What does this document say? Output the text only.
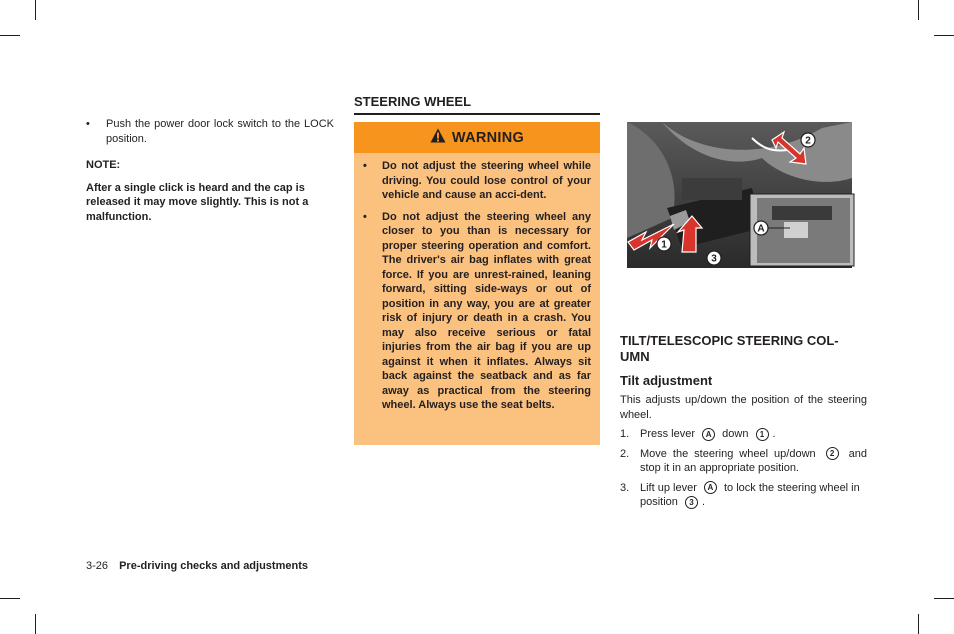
• Push the power door lock switch to the LOCK position.

NOTE:
After a single click is heard and the cap is released it may move slightly. This is not a malfunction.
STEERING WHEEL
WARNING
• Do not adjust the steering wheel while driving. You could lose control of your vehicle and cause an acci-dent.
• Do not adjust the steering wheel any closer to you than is necessary for proper steering operation and comfort. The driver's air bag inflates with great force. If you are unrest-rained, leaning forward, sitting side-ways or out of position in any way, you are at greater risk of injury or death in a crash. You may also receive serious or fatal injuries from the air bag if you are up against it when it inflates. Always sit back against the seatback and as far away as practical from the steering wheel. Always use the seat belts.
2
1
3
A
TILT/TELESCOPIC STEERING COL-UMN
Tilt adjustment
This adjusts up/down the position of the steering wheel.
1. Press lever A down 1 .
2. Move the steering wheel up/down 2 and stop it in an appropriate position.
3. Lift up lever A to lock the steering wheel in position 3 .
3-26 Pre-driving checks and adjustments
